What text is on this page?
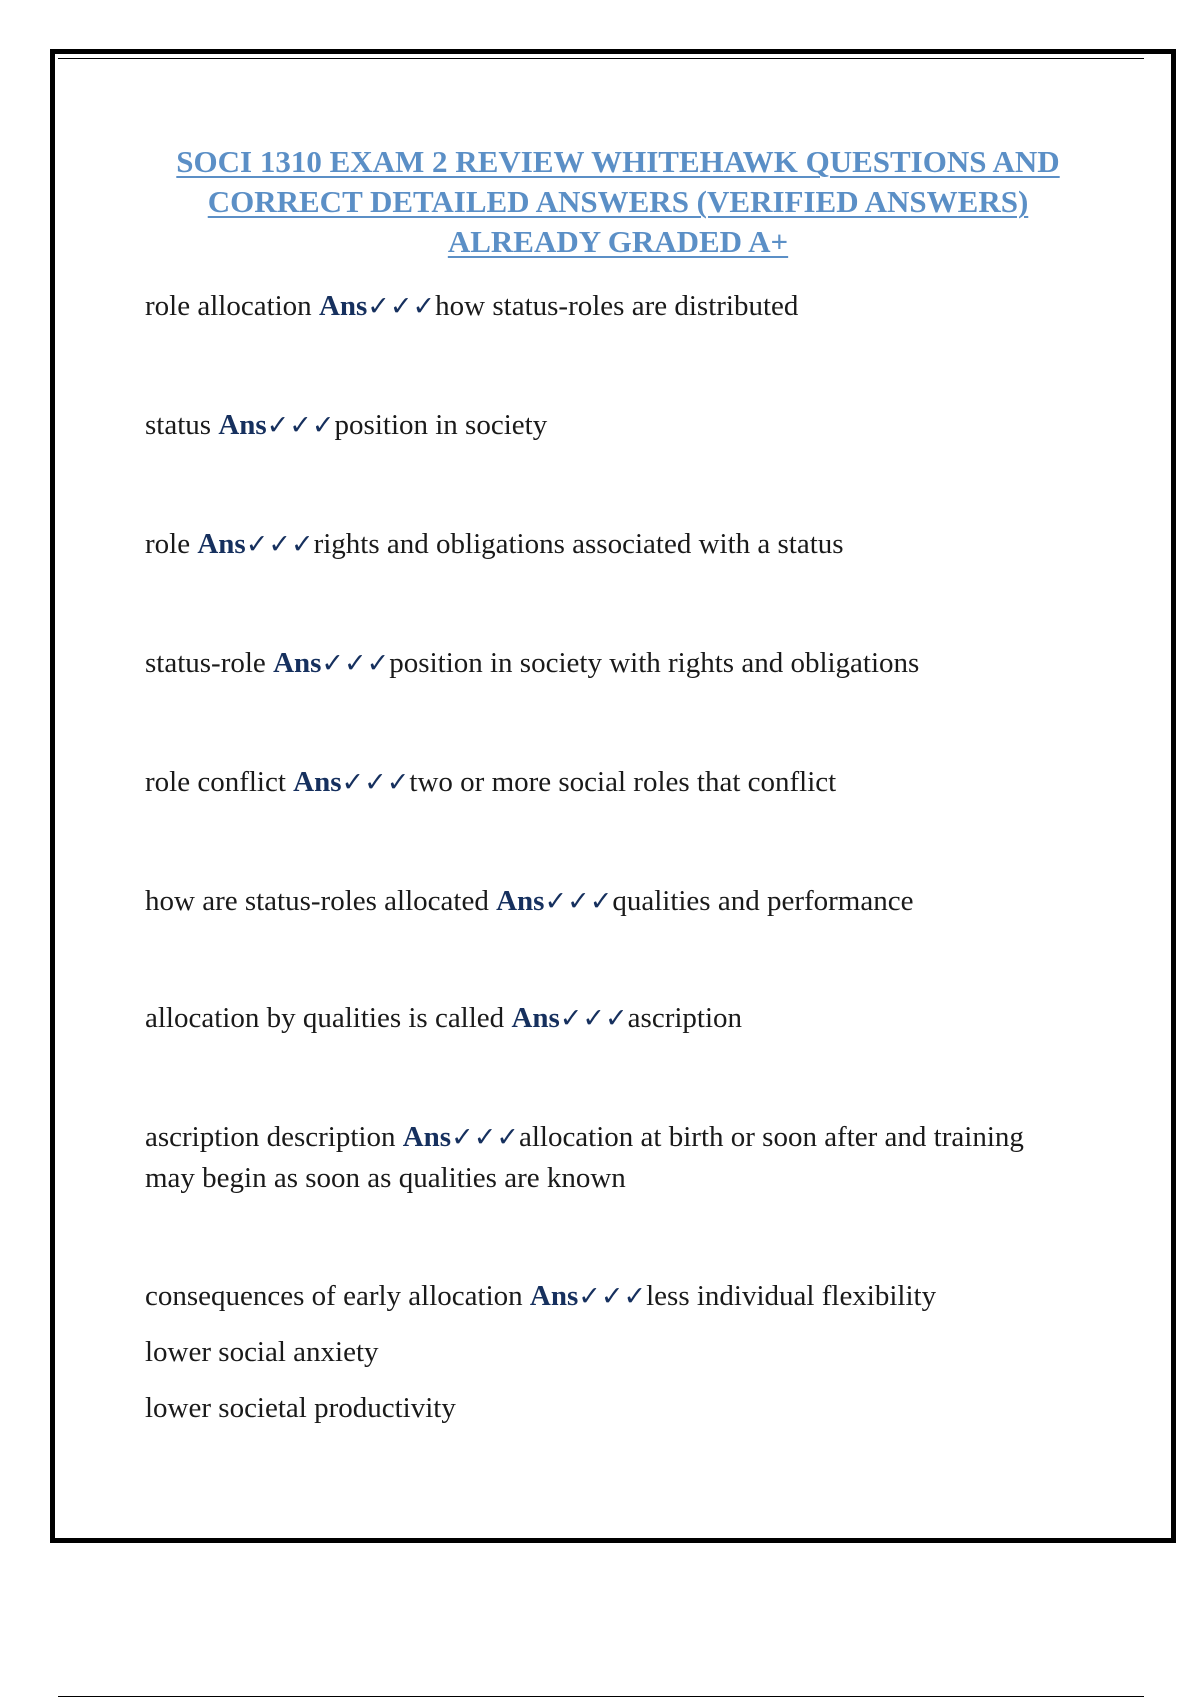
SOCI 1310 EXAM 2 REVIEW WHITEHAWK QUESTIONS AND
CORRECT DETAILED ANSWERS (VERIFIED ANSWERS)
ALREADY GRADED A+
role allocation Ans✓✓✓how status-roles are distributed
status Ans✓✓✓position in society
role Ans✓✓✓rights and obligations associated with a status
status-role Ans✓✓✓position in society with rights and obligations
role conflict Ans✓✓✓two or more social roles that conflict
how are status-roles allocated Ans✓✓✓qualities and performance
allocation by qualities is called Ans✓✓✓ascription
ascription description Ans✓✓✓allocation at birth or soon after and training may begin as soon as qualities are known
consequences of early allocation Ans✓✓✓less individual flexibility
lower social anxiety
lower societal productivity
